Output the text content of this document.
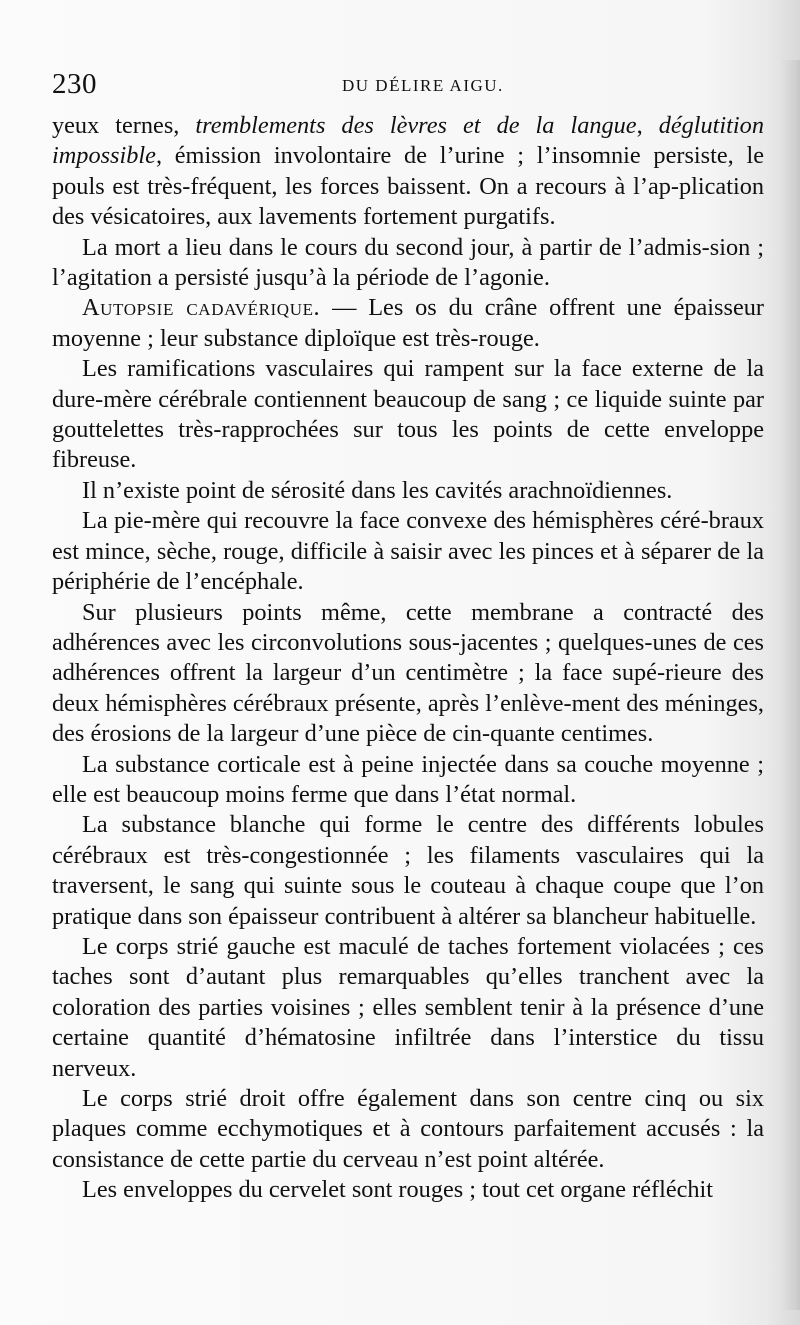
230	DU DÉLIRE AIGU.

yeux ternes, tremblements des lèvres et de la langue, déglutition impossible, émission involontaire de l’urine ; l’insomnie persiste, le pouls est très-fréquent, les forces baissent. On a recours à l’ap-plication des vésicatoires, aux lavements fortement purgatifs.

La mort a lieu dans le cours du second jour, à partir de l’admis-sion ; l’agitation a persisté jusqu’à la période de l’agonie.

Autopsie cadavérique. — Les os du crâne offrent une épaisseur moyenne ; leur substance diploïque est très-rouge.

Les ramifications vasculaires qui rampent sur la face externe de la dure-mère cérébrale contiennent beaucoup de sang ; ce liquide suinte par gouttelettes très-rapprochées sur tous les points de cette enveloppe fibreuse.

Il n’existe point de sérosité dans les cavités arachnoïdiennes.

La pie-mère qui recouvre la face convexe des hémisphères céré-braux est mince, sèche, rouge, difficile à saisir avec les pinces et à séparer de la périphérie de l’encéphale.

Sur plusieurs points même, cette membrane a contracté des adhérences avec les circonvolutions sous-jacentes ; quelques-unes de ces adhérences offrent la largeur d’un centimètre ; la face supé-rieure des deux hémisphères cérébraux présente, après l’enlève-ment des méninges, des érosions de la largeur d’une pièce de cin-quante centimes.

La substance corticale est à peine injectée dans sa couche moyenne ; elle est beaucoup moins ferme que dans l’état normal.

La substance blanche qui forme le centre des différents lobules cérébraux est très-congestionnée ; les filaments vasculaires qui la traversent, le sang qui suinte sous le couteau à chaque coupe que l’on pratique dans son épaisseur contribuent à altérer sa blancheur habituelle.

Le corps strié gauche est maculé de taches fortement violacées ; ces taches sont d’autant plus remarquables qu’elles tranchent avec la coloration des parties voisines ; elles semblent tenir à la présence d’une certaine quantité d’hématosine infiltrée dans l’interstice du tissu nerveux.

Le corps strié droit offre également dans son centre cinq ou six plaques comme ecchymotiques et à contours parfaitement accusés : la consistance de cette partie du cerveau n’est point altérée.

Les enveloppes du cervelet sont rouges ; tout cet organe réfléchit
